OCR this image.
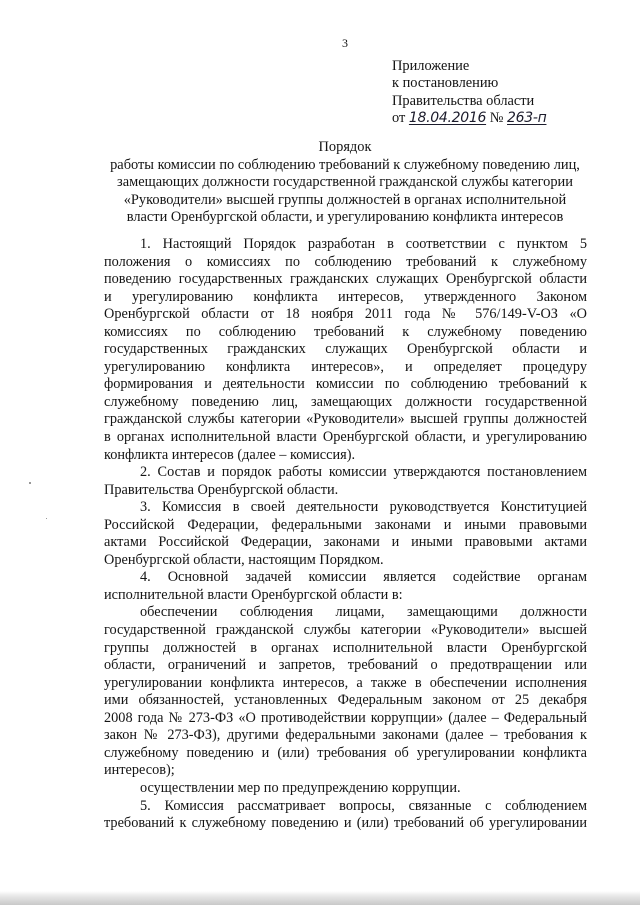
3
Приложение
к постановлению
Правительства области
от 18.04.2016 № 263-п
Порядок
работы комиссии по соблюдению требований к служебному поведению лиц,
замещающих должности государственной гражданской службы категории
«Руководители» высшей группы должностей в органах исполнительной
власти Оренбургской области, и урегулированию конфликта интересов
1. Настоящий Порядок разработан в соответствии с пунктом 5
положения о комиссиях по соблюдению требований к служебному
поведению государственных гражданских служащих Оренбургской области
и урегулированию конфликта интересов, утвержденного Законом
Оренбургской области от 18 ноября 2011 года № 576/149-V-ОЗ «О
комиссиях по соблюдению требований к служебному поведению
государственных гражданских служащих Оренбургской области и
урегулированию конфликта интересов», и определяет процедуру
формирования и деятельности комиссии по соблюдению требований к
служебному поведению лиц, замещающих должности государственной
гражданской службы категории «Руководители» высшей группы должностей
в органах исполнительной власти Оренбургской области, и урегулированию
конфликта интересов (далее – комиссия).
2. Состав и порядок работы комиссии утверждаются постановлением
Правительства Оренбургской области.
3. Комиссия в своей деятельности руководствуется Конституцией
Российской Федерации, федеральными законами и иными правовыми
актами Российской Федерации, законами и иными правовыми актами
Оренбургской области, настоящим Порядком.
4. Основной задачей комиссии является содействие органам
исполнительной власти Оренбургской области в:
обеспечении соблюдения лицами, замещающими должности
государственной гражданской службы категории «Руководители» высшей
группы должностей в органах исполнительной власти Оренбургской
области, ограничений и запретов, требований о предотвращении или
урегулировании конфликта интересов, а также в обеспечении исполнения
ими обязанностей, установленных Федеральным законом от 25 декабря
2008 года № 273-ФЗ «О противодействии коррупции» (далее – Федеральный
закон № 273-ФЗ), другими федеральными законами (далее – требования к
служебному поведению и (или) требования об урегулировании конфликта
интересов);
осуществлении мер по предупреждению коррупции.
5. Комиссия рассматривает вопросы, связанные с соблюдением
требований к служебному поведению и (или) требований об урегулировании
